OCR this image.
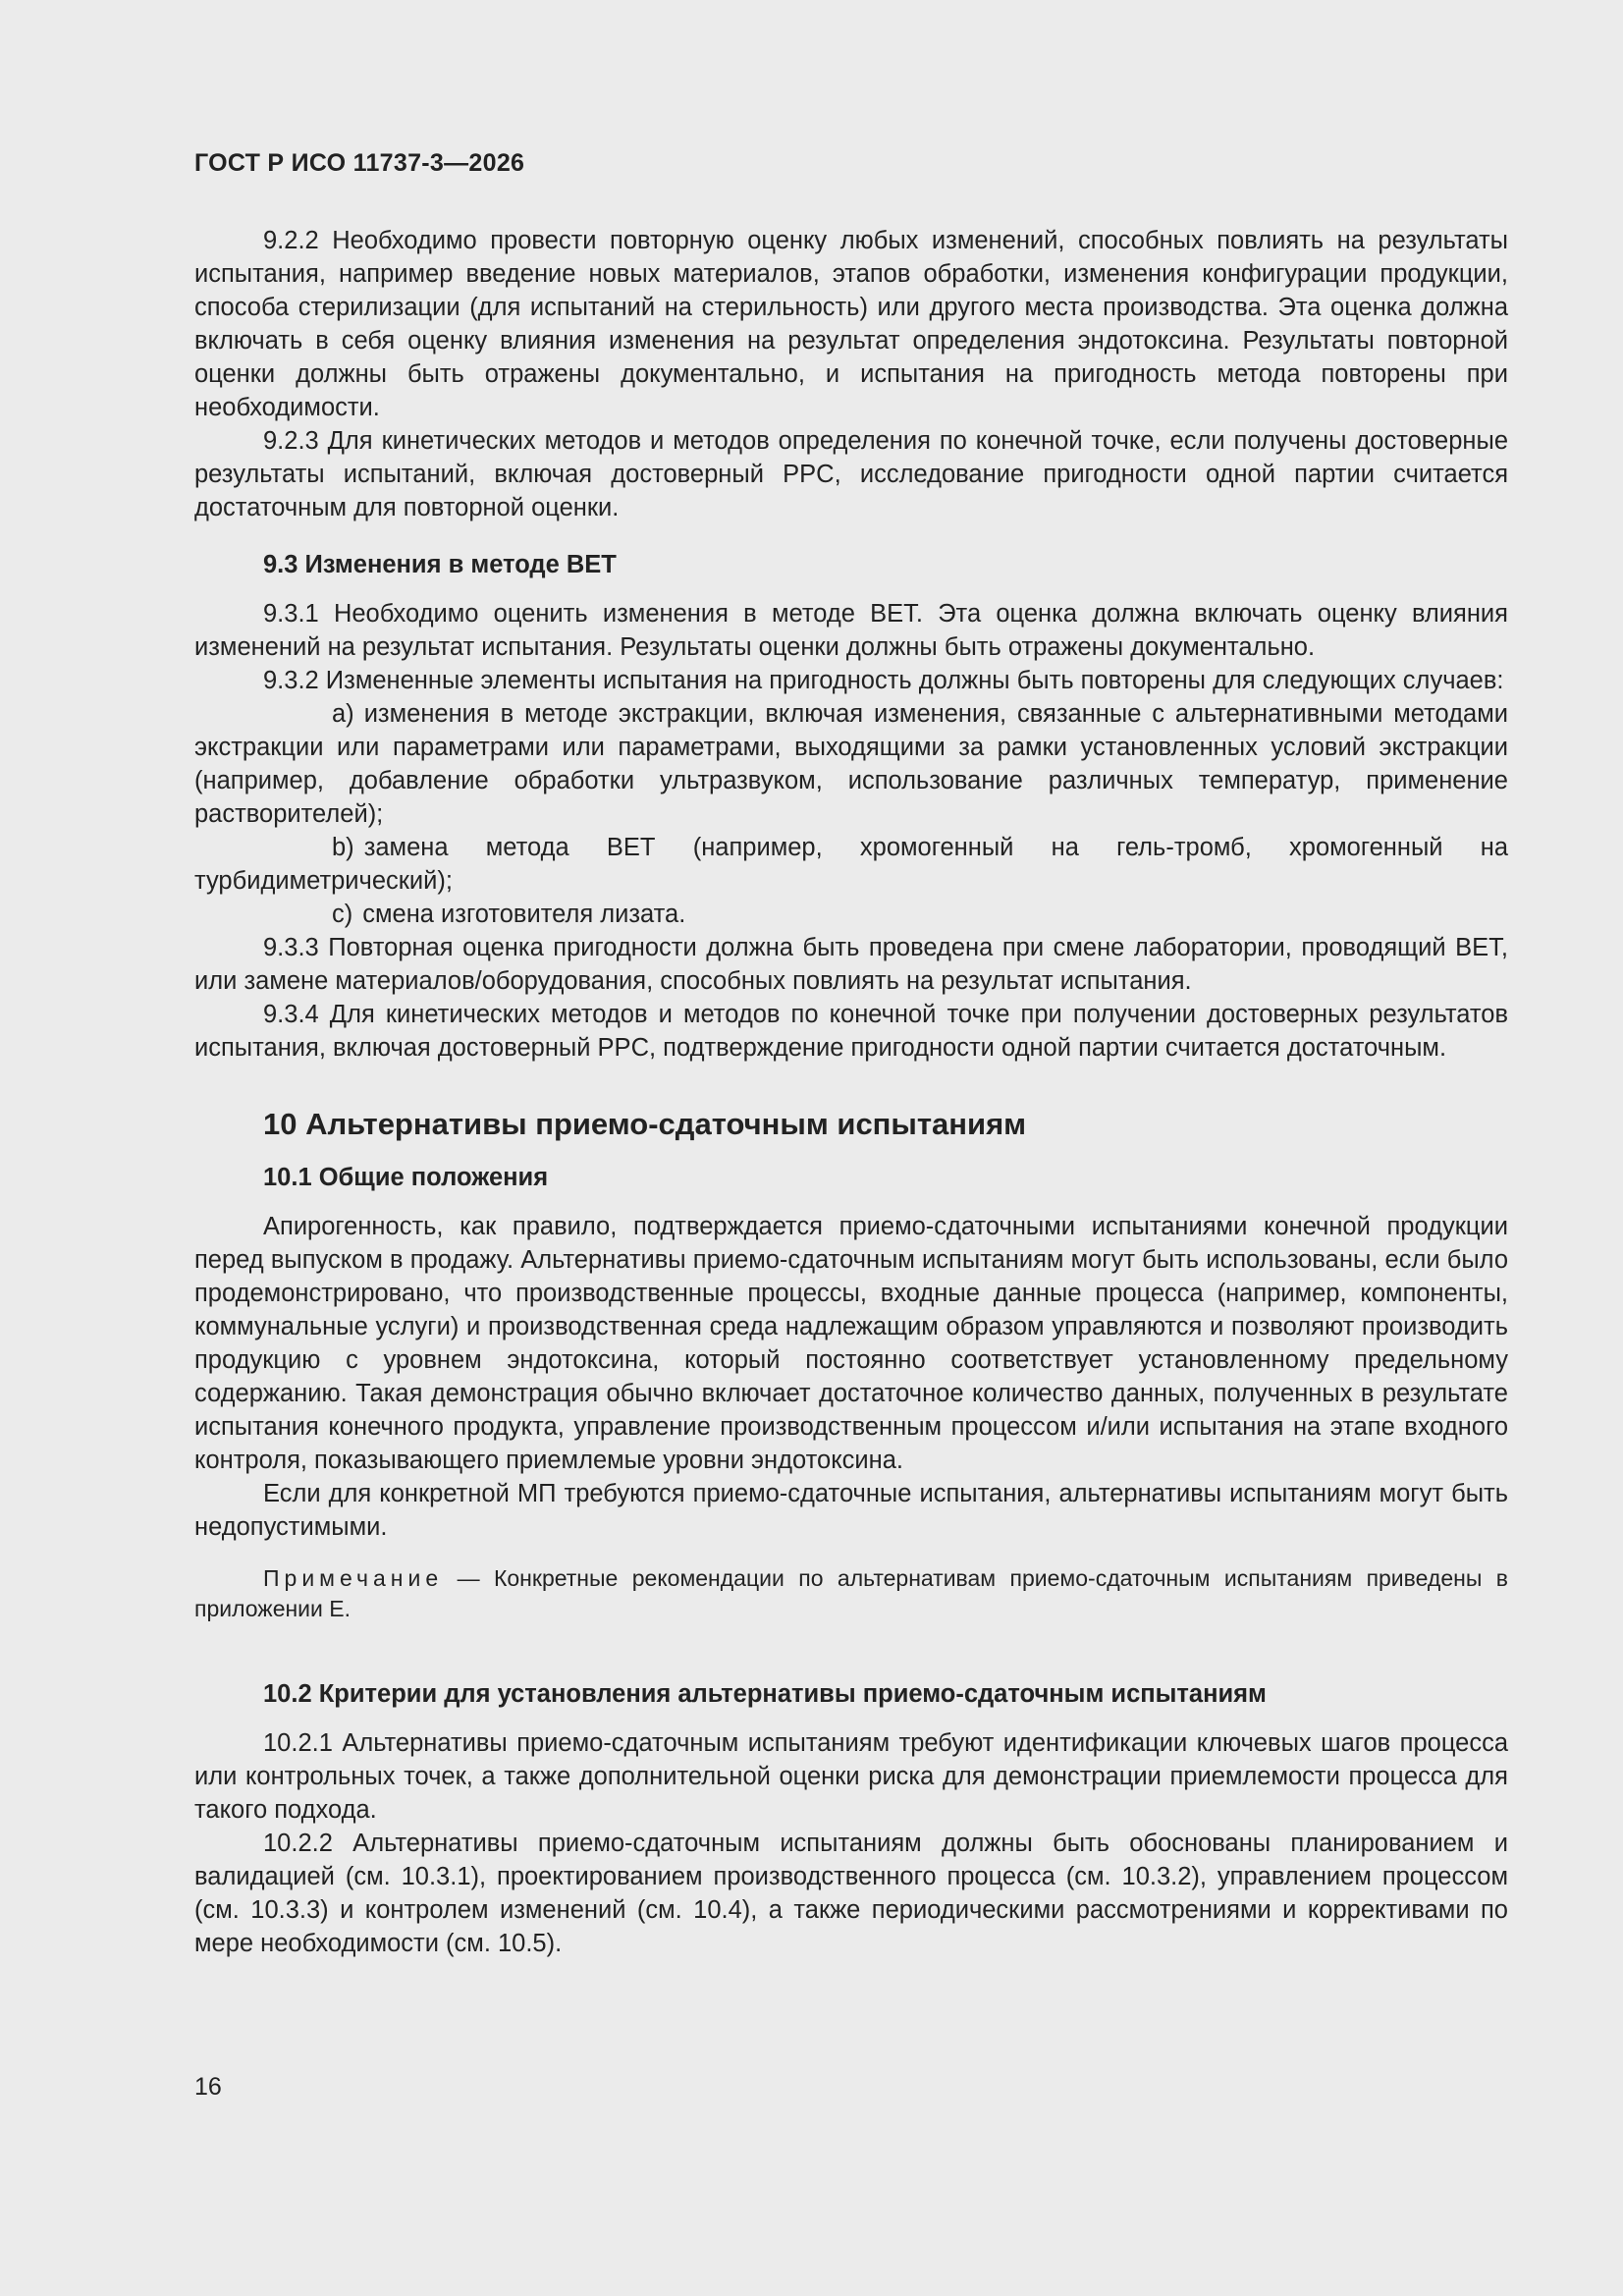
ГОСТ Р ИСО 11737-3—2026

9.2.2 Необходимо провести повторную оценку любых изменений, способных повлиять на результаты испытания, например введение новых материалов, этапов обработки, изменения конфигурации продукции, способа стерилизации (для испытаний на стерильность) или другого места производства. Эта оценка должна включать в себя оценку влияния изменения на результат определения эндотоксина. Результаты повторной оценки должны быть отражены документально, и испытания на пригодность метода повторены при необходимости.

9.2.3 Для кинетических методов и методов определения по конечной точке, если получены достоверные результаты испытаний, включая достоверный PPC, исследование пригодности одной партии считается достаточным для повторной оценки.

9.3 Изменения в методе ВЕТ

9.3.1 Необходимо оценить изменения в методе ВЕТ. Эта оценка должна включать оценку влияния изменений на результат испытания. Результаты оценки должны быть отражены документально.

9.3.2 Измененные элементы испытания на пригодность должны быть повторены для следующих случаев:

a) изменения в методе экстракции, включая изменения, связанные с альтернативными методами экстракции или параметрами или параметрами, выходящими за рамки установленных условий экстракции (например, добавление обработки ультразвуком, использование различных температур, применение растворителей);
b) замена метода ВЕТ (например, хромогенный на гель-тромб, хромогенный на турбидиметрический);
c) смена изготовителя лизата.

9.3.3 Повторная оценка пригодности должна быть проведена при смене лаборатории, проводящий ВЕТ, или замене материалов/оборудования, способных повлиять на результат испытания.

9.3.4 Для кинетических методов и методов по конечной точке при получении достоверных результатов испытания, включая достоверный PPC, подтверждение пригодности одной партии считается достаточным.

10 Альтернативы приемо-сдаточным испытаниям
10.1 Общие положения

Апирогенность, как правило, подтверждается приемо-сдаточными испытаниями конечной продукции перед выпуском в продажу. Альтернативы приемо-сдаточным испытаниям могут быть использованы, если было продемонстрировано, что производственные процессы, входные данные процесса (например, компоненты, коммунальные услуги) и производственная среда надлежащим образом управляются и позволяют производить продукцию с уровнем эндотоксина, который постоянно соответствует установленному предельному содержанию. Такая демонстрация обычно включает достаточное количество данных, полученных в результате испытания конечного продукта, управление производственным процессом и/или испытания на этапе входного контроля, показывающего приемлемые уровни эндотоксина.

Если для конкретной МП требуются приемо-сдаточные испытания, альтернативы испытаниям могут быть недопустимыми.

Примечание — Конкретные рекомендации по альтернативам приемо-сдаточным испытаниям приведены в приложении Е.
10.2 Критерии для установления альтернативы приемо-сдаточным испытаниям

10.2.1 Альтернативы приемо-сдаточным испытаниям требуют идентификации ключевых шагов процесса или контрольных точек, а также дополнительной оценки риска для демонстрации приемлемости процесса для такого подхода.

10.2.2 Альтернативы приемо-сдаточным испытаниям должны быть обоснованы планированием и валидацией (см. 10.3.1), проектированием производственного процесса (см. 10.3.2), управлением процессом (см. 10.3.3) и контролем изменений (см. 10.4), а также периодическими рассмотрениями и коррективами по мере необходимости (см. 10.5).

16
